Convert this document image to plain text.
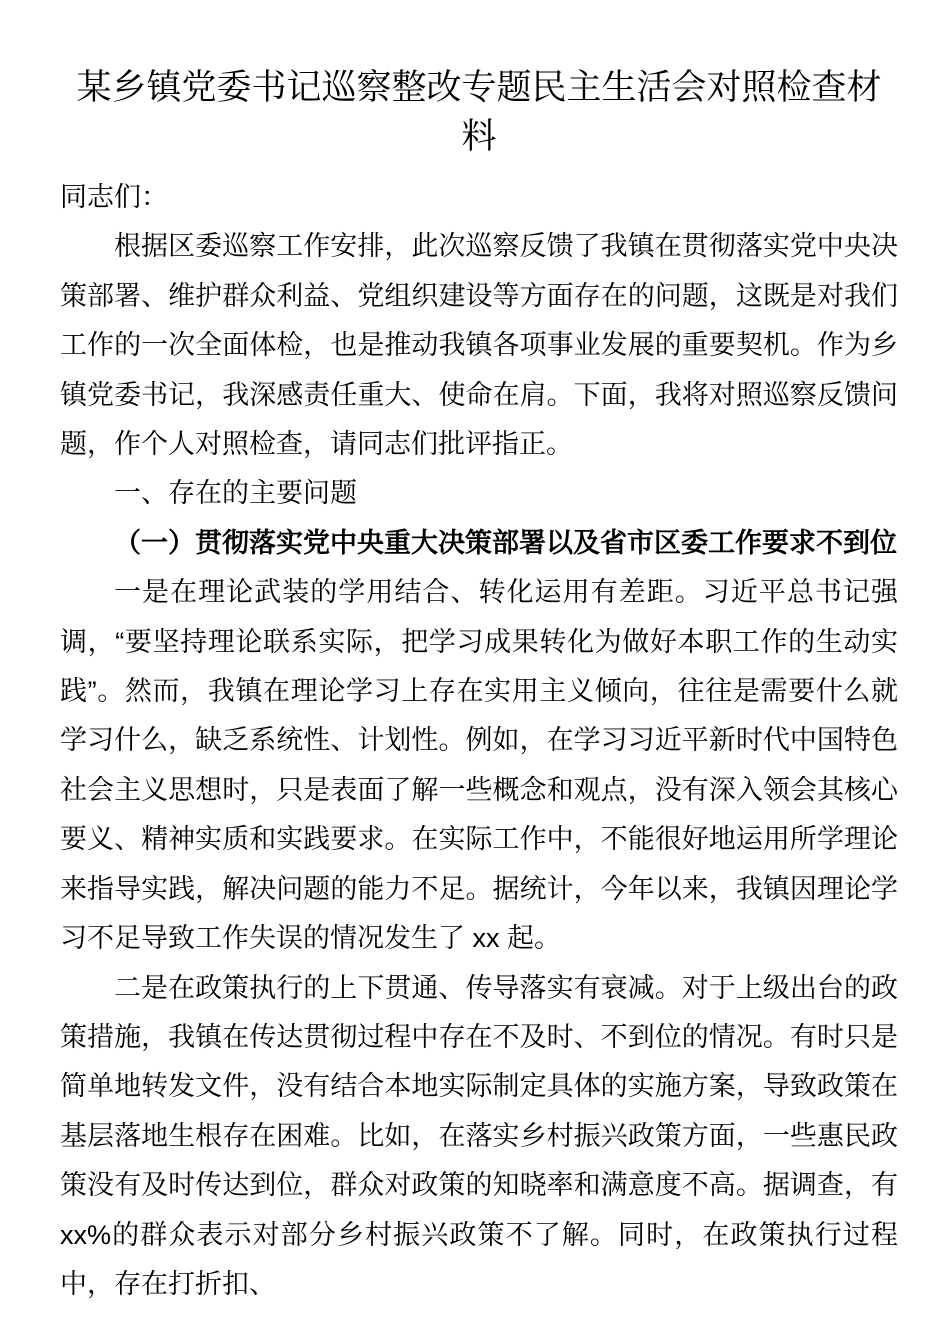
某乡镇党委书记巡察整改专题民主生活会对照检查材料

同志们：

根据区委巡察工作安排，此次巡察反馈了我镇在贯彻落实党中央决策部署、维护群众利益、党组织建设等方面存在的问题，这既是对我们工作的一次全面体检，也是推动我镇各项事业发展的重要契机。作为乡镇党委书记，我深感责任重大、使命在肩。下面，我将对照巡察反馈问题，作个人对照检查，请同志们批评指正。

一、存在的主要问题

（一）贯彻落实党中央重大决策部署以及省市区委工作要求不到位

一是在理论武装的学用结合、转化运用有差距。习近平总书记强调，“要坚持理论联系实际，把学习成果转化为做好本职工作的生动实践”。然而，我镇在理论学习上存在实用主义倾向，往往是需要什么就学习什么，缺乏系统性、计划性。例如，在学习习近平新时代中国特色社会主义思想时，只是表面了解一些概念和观点，没有深入领会其核心要义、精神实质和实践要求。在实际工作中，不能很好地运用所学理论来指导实践，解决问题的能力不足。据统计，今年以来，我镇因理论学习不足导致工作失误的情况发生了 xx 起。

二是在政策执行的上下贯通、传导落实有衰减。对于上级出台的政策措施，我镇在传达贯彻过程中存在不及时、不到位的情况。有时只是简单地转发文件，没有结合本地实际制定具体的实施方案，导致政策在基层落地生根存在困难。比如，在落实乡村振兴政策方面，一些惠民政策没有及时传达到位，群众对政策的知晓率和满意度不高。据调查，有 xx%的群众表示对部分乡村振兴政策不了解。同时，在政策执行过程中，存在打折扣、
